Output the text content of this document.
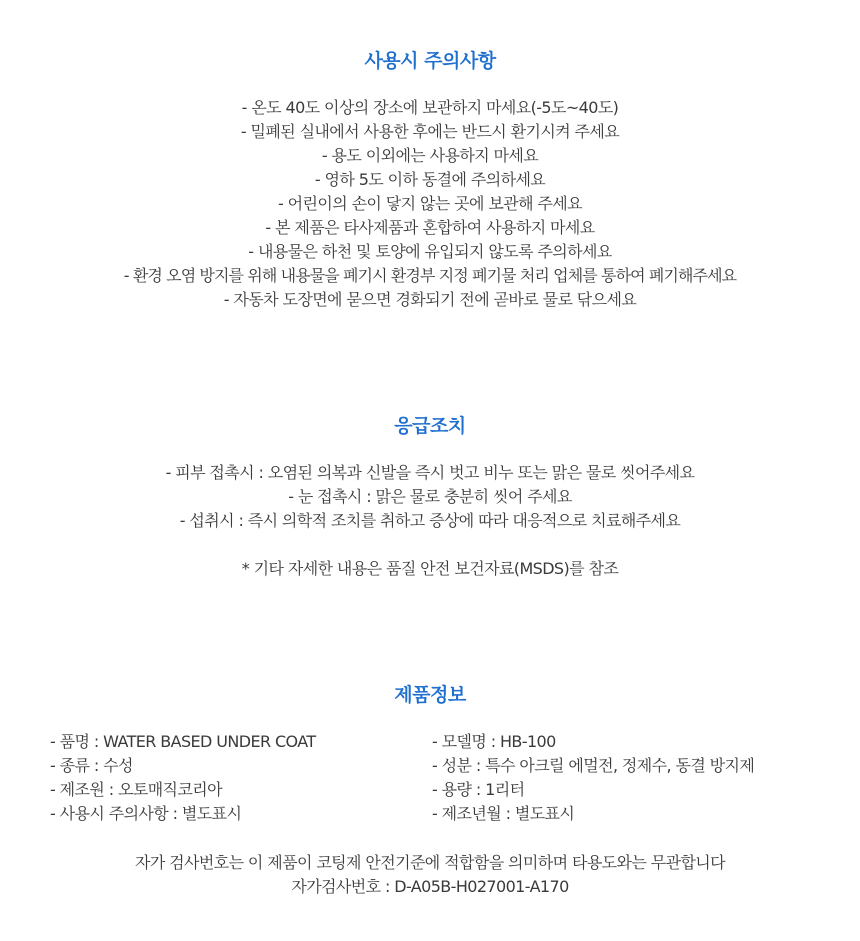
사용시 주의사항
- 온도 40도 이상의 장소에 보관하지 마세요(-5도~40도)
- 밀폐된 실내에서 사용한 후에는 반드시 환기시켜 주세요
- 용도 이외에는 사용하지 마세요
- 영하 5도 이하 동결에 주의하세요
- 어린이의 손이 닿지 않는 곳에 보관해 주세요
- 본 제품은 타사제품과 혼합하여 사용하지 마세요
- 내용물은 하천 및 토양에 유입되지 않도록 주의하세요
- 환경 오염 방지를 위해 내용물을 폐기시 환경부 지정 폐기물 처리 업체를 통하여 폐기해주세요
- 자동차 도장면에 묻으면 경화되기 전에 곧바로 물로 닦으세요
응급조치
- 피부 접촉시 : 오염된 의복과 신발을 즉시 벗고 비누 또는 맑은 물로 씻어주세요
- 눈 접촉시 : 맑은 물로 충분히 씻어 주세요
- 섭취시 : 즉시 의학적 조치를 취하고 증상에 따라 대응적으로 치료해주세요
* 기타 자세한 내용은 품질 안전 보건자료(MSDS)를 참조
제품정보
- 품명 : WATER BASED UNDER COAT
- 종류 : 수성
- 제조원 : 오토매직코리아
- 사용시 주의사항 : 별도표시
- 모델명 : HB-100
- 성분 : 특수 아크릴 에멀전, 정제수, 동결 방지제
- 용량 : 1리터
- 제조년월 : 별도표시
자가 검사번호는 이 제품이 코팅제 안전기준에 적합함을 의미하며 타용도와는 무관합니다
자가검사번호 : D-A05B-H027001-A170
